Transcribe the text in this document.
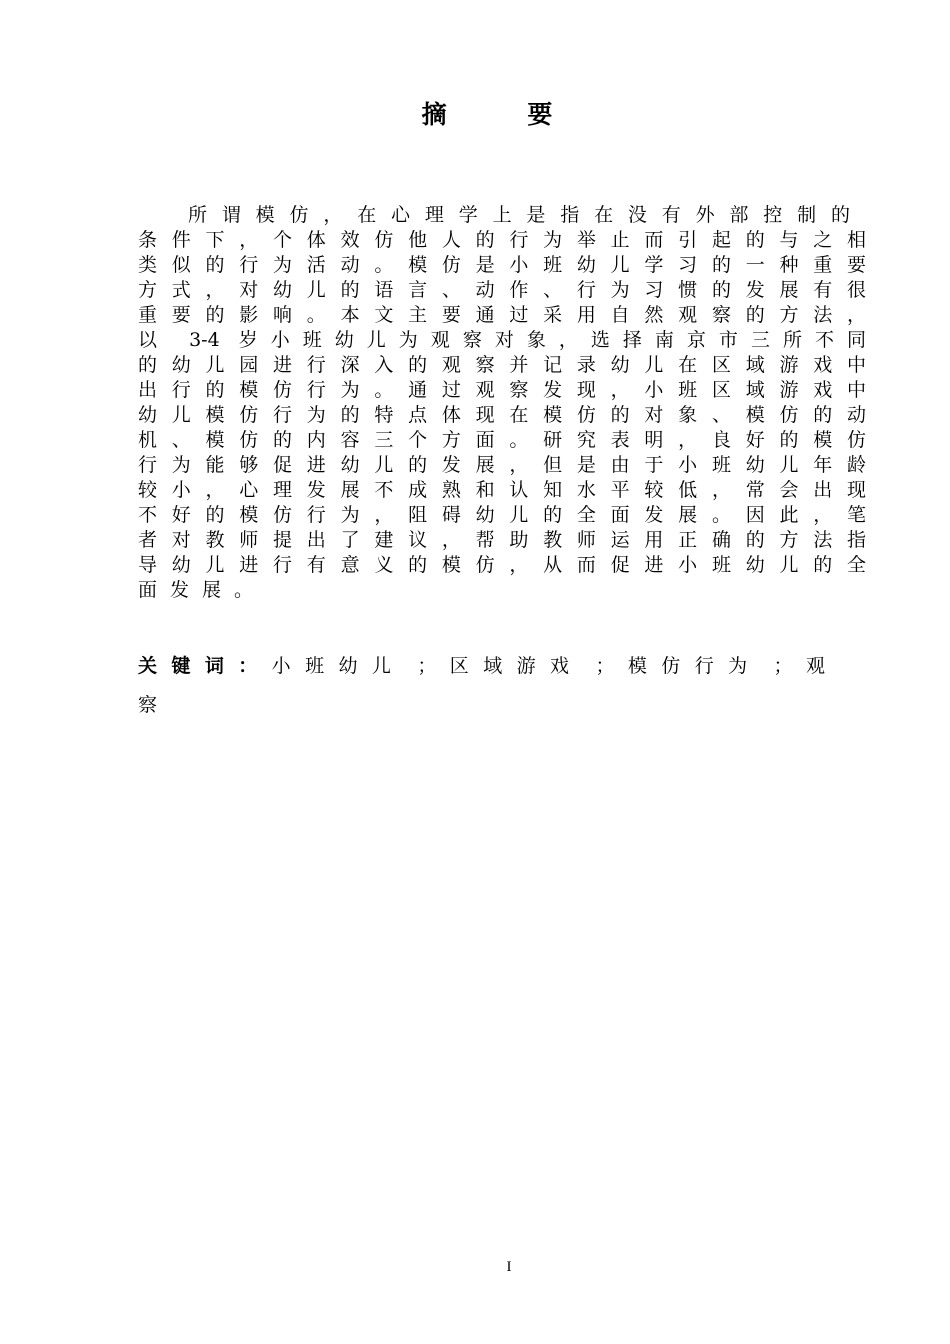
摘 要
所谓模仿，在心理学上是指在没有外部控制的
条件下，个体效仿他人的行为举止而引起的与之相
类似的行为活动。模仿是小班幼儿学习的一种重要
方式，对幼儿的语言、动作、行为习惯的发展有很
重要的影响。本文主要通过采用自然观察的方法，
以 3-4 岁小班幼儿为观察对象，选择南京市三所不同
的幼儿园进行深入的观察并记录幼儿在区域游戏中
出行的模仿行为。通过观察发现，小班区域游戏中
幼儿模仿行为的特点体现在模仿的对象、模仿的动
机、模仿的内容三个方面。研究表明，良好的模仿
行为能够促进幼儿的发展，但是由于小班幼儿年龄
较小，心理发展不成熟和认知水平较低，常会出现
不好的模仿行为，阻碍幼儿的全面发展。因此，笔
者对教师提出了建议，帮助教师运用正确的方法指
导幼儿进行有意义的模仿，从而促进小班幼儿的全
面发展。
关键词：小班幼儿 ； 区域游戏 ； 模仿行为 ； 观
察
I
